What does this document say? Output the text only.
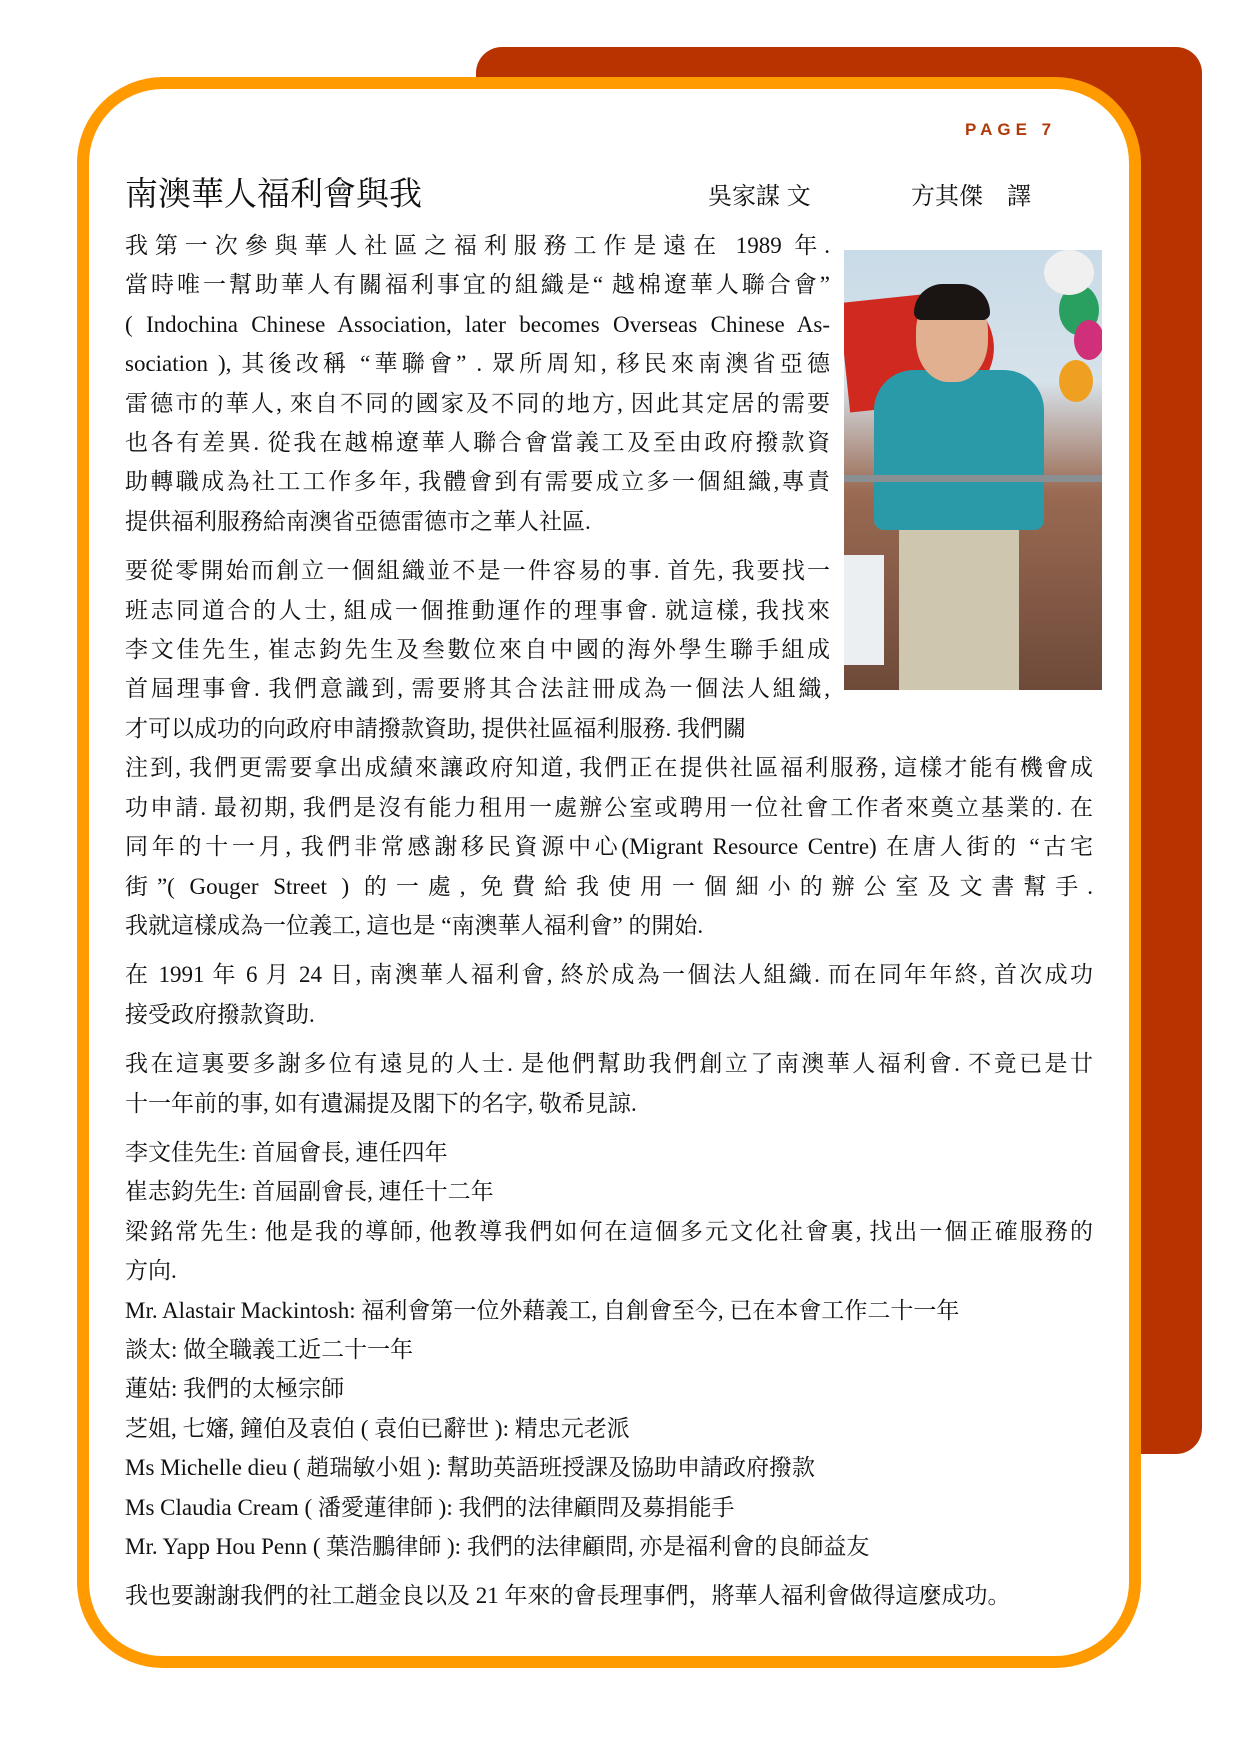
PAGE 7
南澳華人福利會與我	吳家謀 文	方其傑　譯
我第一次參與華人社區之福利服務工作是遠在 1989 年.
當時唯一幫助華人有關福利事宜的組織是“ 越棉遼華人聯合會”
( Indochina Chinese Association, later becomes Overseas Chinese As-
sociation ), 其後改稱 “華聯會” . 眾所周知, 移民來南澳省亞德
雷德市的華人, 來自不同的國家及不同的地方, 因此其定居的需要
也各有差異. 從我在越棉遼華人聯合會當義工及至由政府撥款資
助轉職成為社工工作多年, 我體會到有需要成立多一個組織,專責
提供福利服務給南澳省亞德雷德市之華人社區.
要從零開始而創立一個組織並不是一件容易的事. 首先, 我要找一
班志同道合的人士, 組成一個推動運作的理事會. 就這樣, 我找來
李文佳先生, 崔志鈞先生及叁數位來自中國的海外學生聯手組成
首屆理事會. 我們意識到, 需要將其合法註冊成為一個法人組織,
才可以成功的向政府申請撥款資助, 提供社區福利服務. 我們關
注到, 我們更需要拿出成績來讓政府知道, 我們正在提供社區福利服務, 這樣才能有機會成
功申請. 最初期, 我們是沒有能力租用一處辦公室或聘用一位社會工作者來奠立基業的. 在
同年的十一月, 我們非常感謝移民資源中心(Migrant Resource Centre) 在唐人街的 “古宅
街”( Gouger Street ) 的一處, 免費給我使用一個細小的辦公室及文書幫手.
我就這樣成為一位義工, 這也是 “南澳華人福利會” 的開始.
在 1991 年 6 月 24 日, 南澳華人福利會, 終於成為一個法人組織. 而在同年年終, 首次成功
接受政府撥款資助.
我在這裏要多謝多位有遠見的人士. 是他們幫助我們創立了南澳華人福利會. 不竟已是廿
十一年前的事, 如有遺漏提及閣下的名字, 敬希見諒.
李文佳先生: 首屆會長, 連任四年
崔志鈞先生: 首屆副會長, 連任十二年
梁銘常先生: 他是我的導師, 他教導我們如何在這個多元文化社會裏, 找出一個正確服務的
方向.
Mr. Alastair Mackintosh: 福利會第一位外藉義工, 自創會至今, 已在本會工作二十一年
談太: 做全職義工近二十一年
蓮姑: 我們的太極宗師
芝姐, 七嬸, 鐘伯及袁伯 ( 袁伯已辭世 ): 精忠元老派
Ms Michelle dieu ( 趙瑞敏小姐 ): 幫助英語班授課及協助申請政府撥款
Ms Claudia Cream ( 潘愛蓮律師 ): 我們的法律顧問及募捐能手
Mr. Yapp Hou Penn ( 葉浩鵬律師 ): 我們的法律顧問, 亦是福利會的良師益友
我也要謝謝我們的社工趙金良以及 21 年來的會長理事們，將華人福利會做得這麼成功。
